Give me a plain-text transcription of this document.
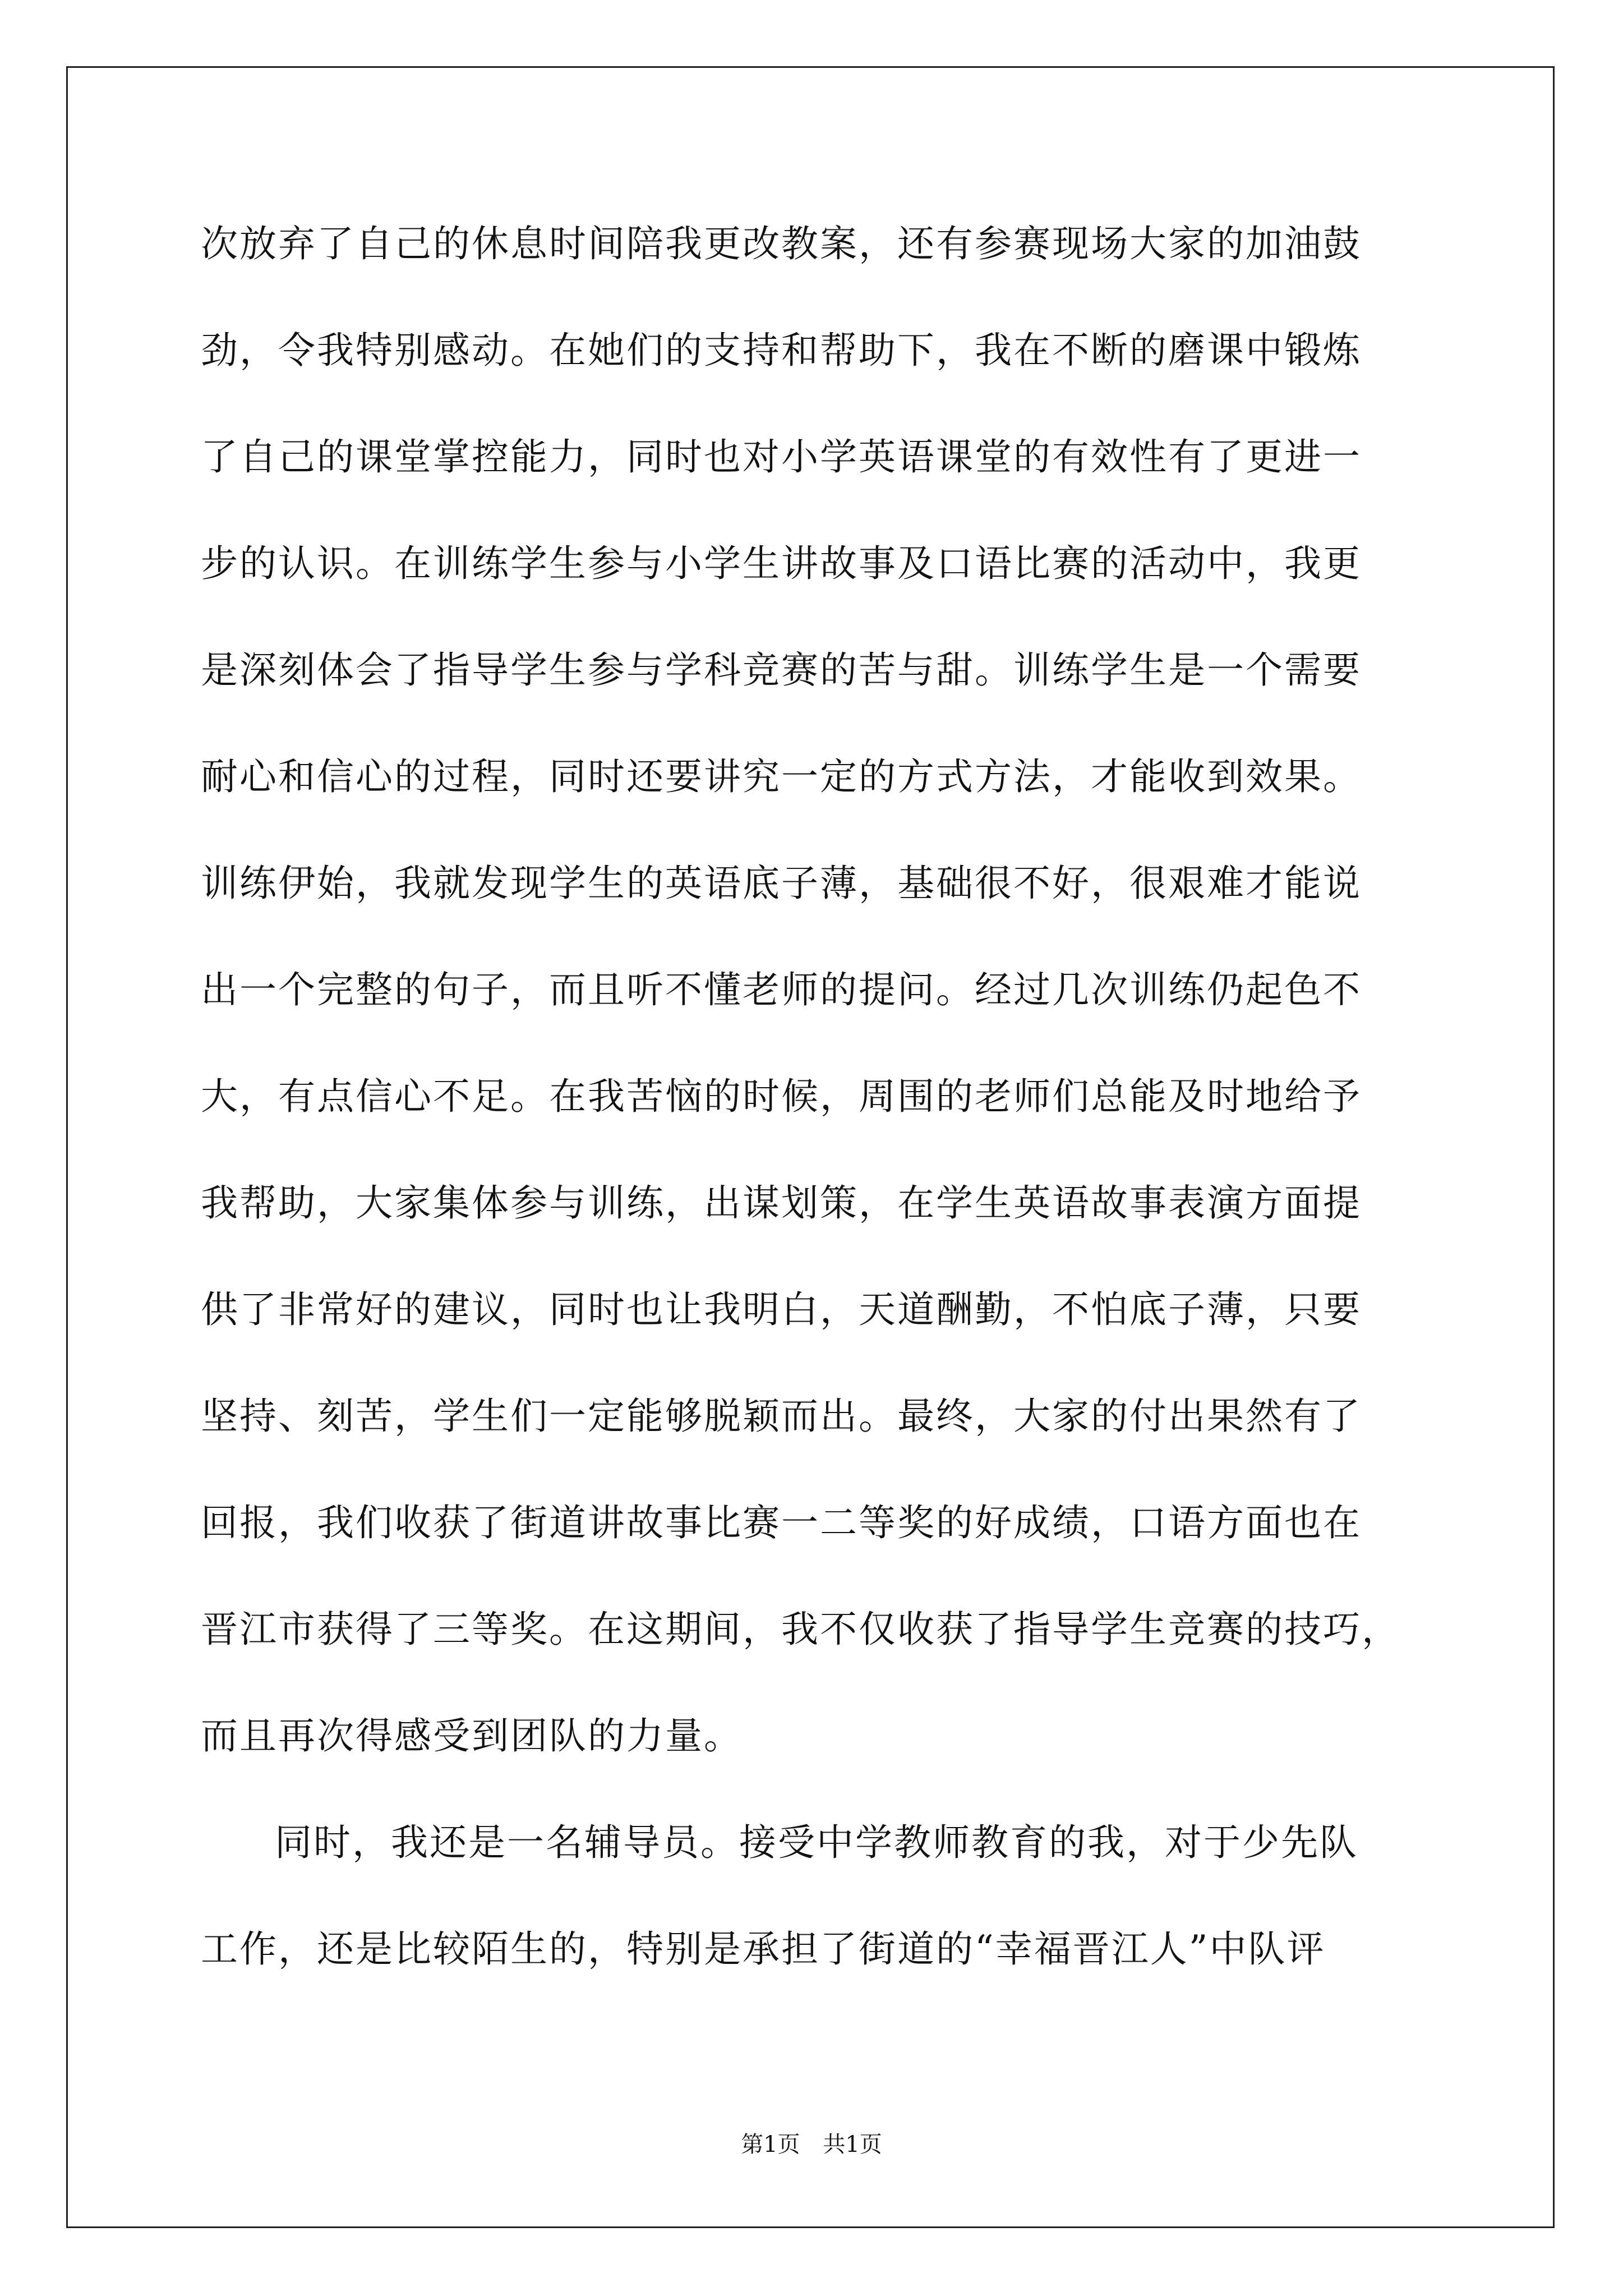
次放弃了自己的休息时间陪我更改教案，还有参赛现场大家的加油鼓
劲，令我特别感动。在她们的支持和帮助下，我在不断的磨课中锻炼
了自己的课堂掌控能力，同时也对小学英语课堂的有效性有了更进一
步的认识。在训练学生参与小学生讲故事及口语比赛的活动中，我更
是深刻体会了指导学生参与学科竞赛的苦与甜。训练学生是一个需要
耐心和信心的过程，同时还要讲究一定的方式方法，才能收到效果。
训练伊始，我就发现学生的英语底子薄，基础很不好，很艰难才能说
出一个完整的句子，而且听不懂老师的提问。经过几次训练仍起色不
大，有点信心不足。在我苦恼的时候，周围的老师们总能及时地给予
我帮助，大家集体参与训练，出谋划策，在学生英语故事表演方面提
供了非常好的建议，同时也让我明白，天道酬勤，不怕底子薄，只要
坚持、刻苦，学生们一定能够脱颖而出。最终，大家的付出果然有了
回报，我们收获了街道讲故事比赛一二等奖的好成绩，口语方面也在
晋江市获得了三等奖。在这期间，我不仅收获了指导学生竞赛的技巧，
而且再次得感受到团队的力量。
同时，我还是一名辅导员。接受中学教师教育的我，对于少先队
工作，还是比较陌生的，特别是承担了街道的“幸福晋江人”中队评
第1页 共1页
